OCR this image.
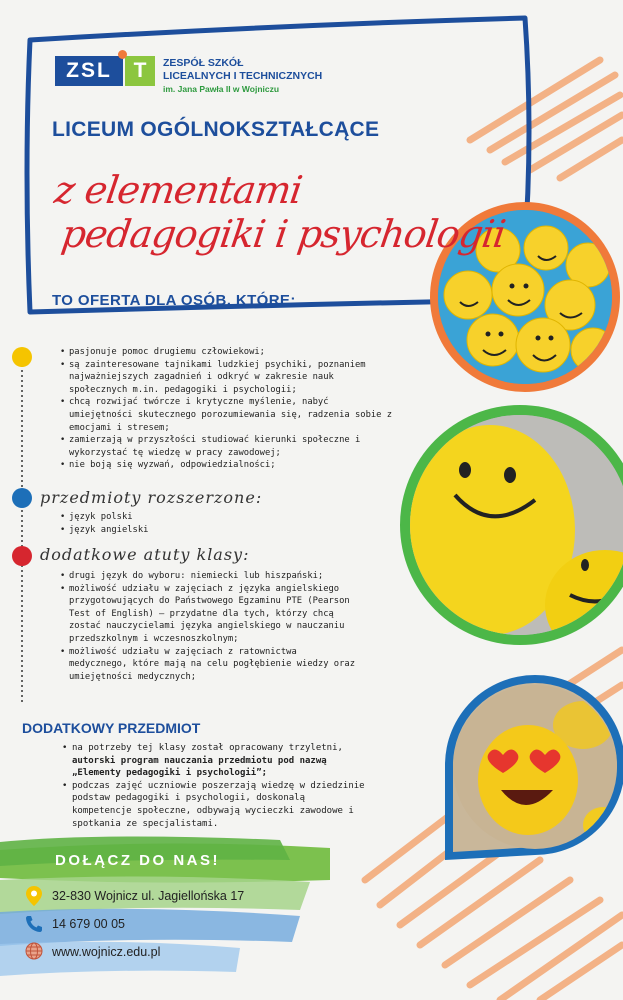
ZSL	T	ZESPÓŁ SZKÓŁ
LICEALNYCH I TECHNICZNYCH
im. Jana Pawła II w Wojniczu
LICEUM OGÓLNOKSZTAŁCĄCE
z elementami
pedagogiki i psychologii
TO OFERTA DLA OSÓB, KTÓRE:
• pasjonuje pomoc drugiemu człowiekowi;
• są zainteresowane tajnikami ludzkiej psychiki, poznaniem najważniejszych zagadnień i odkryć w zakresie nauk społecznych m.in. pedagogiki i psychologii;
• chcą rozwijać twórcze i krytyczne myślenie, nabyć umiejętności skutecznego porozumiewania się, radzenia sobie z emocjami i stresem;
• zamierzają w przyszłości studiować kierunki społeczne i wykorzystać tę wiedzę w pracy zawodowej;
• nie boją się wyzwań, odpowiedzialności;
przedmioty rozszerzone:
• język polski
• język angielski
dodatkowe atuty klasy:
• drugi język do wyboru: niemiecki lub hiszpański;
• możliwość udziału w zajęciach z języka angielskiego przygotowujących do Państwowego Egzaminu PTE (Pearson Test of English) – przydatne dla tych, którzy chcą zostać nauczycielami języka angielskiego w nauczaniu przedszkolnym i wczesnoszkolnym;
• możliwość udziału w zajęciach z ratownictwa medycznego, które mają na celu pogłębienie wiedzy oraz umiejętności medycznych;
DODATKOWY PRZEDMIOT
• na potrzeby tej klasy został opracowany trzyletni, autorski program nauczania przedmiotu pod nazwą „Elementy pedagogiki i psychologii”;
• podczas zajęć uczniowie poszerzają wiedzę w dziedzinie podstaw pedagogiki i psychologii, doskonalą kompetencje społeczne, odbywają wycieczki zawodowe i spotkania ze specjalistami.
DOŁĄCZ DO NAS!
32-830 Wojnicz ul. Jagiellońska 17
14 679 00 05
www.wojnicz.edu.pl
